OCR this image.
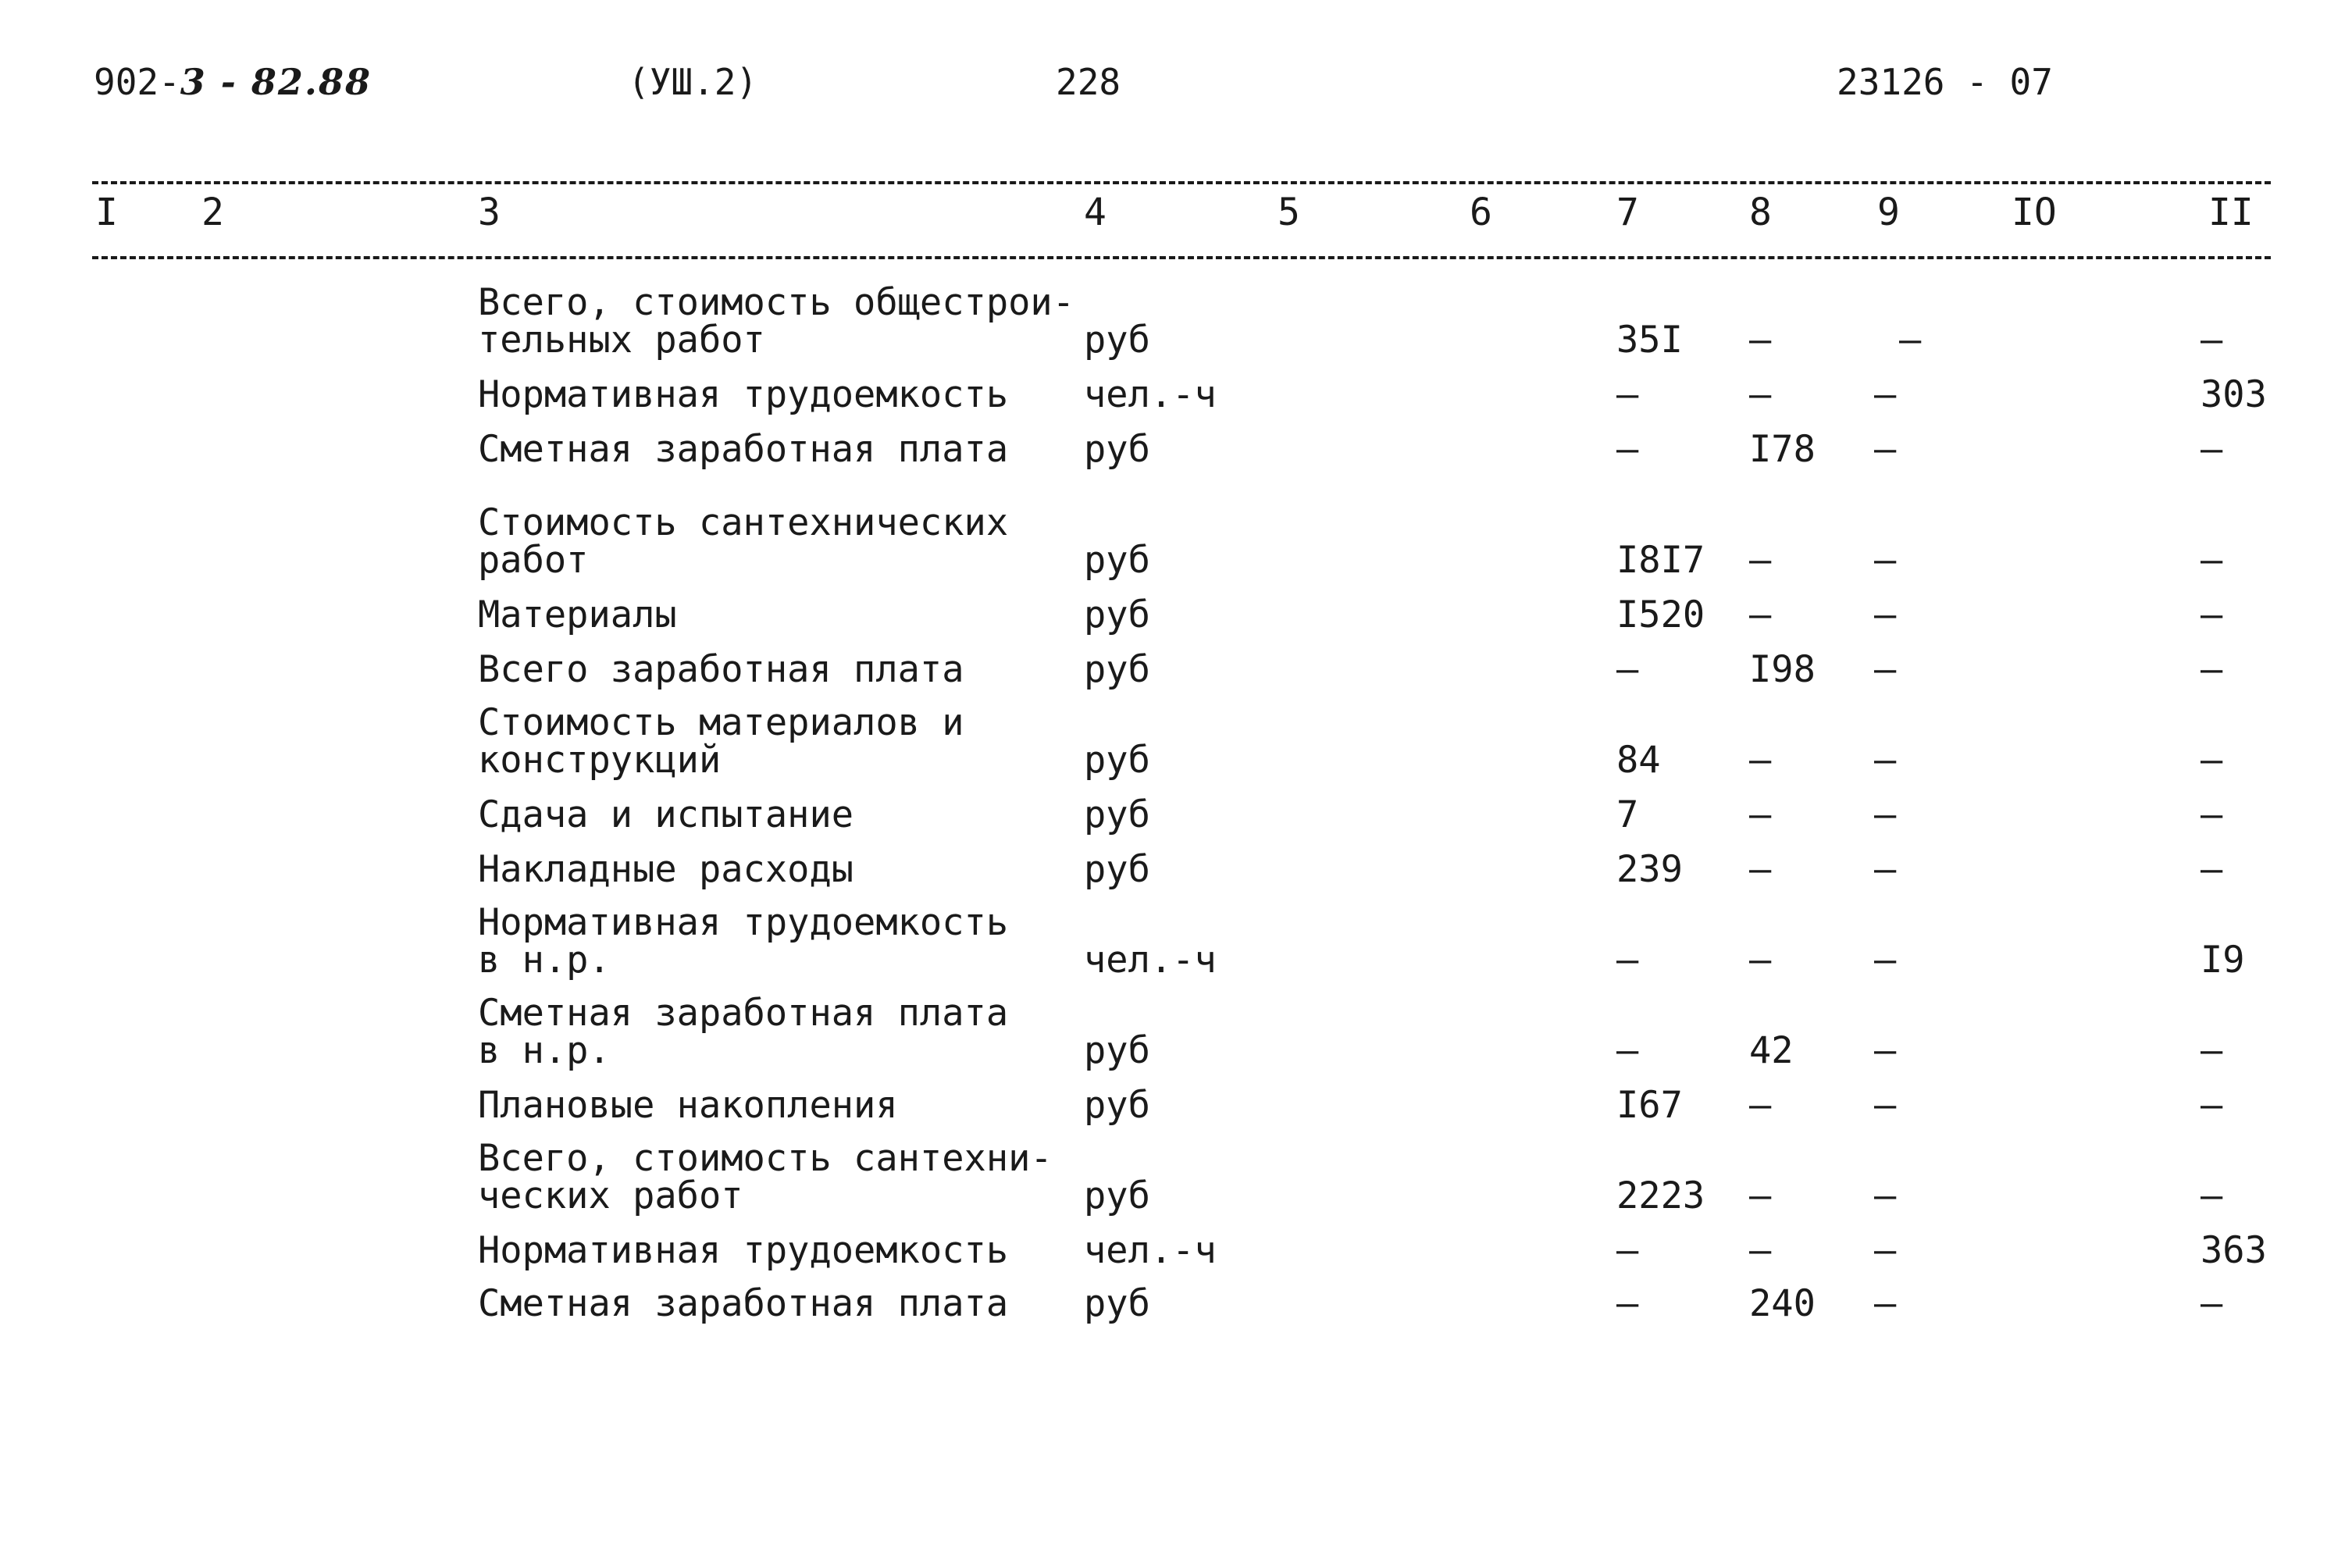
902-3 - 82.88	(УШ.2)	228	23126 - 07
I 2	3	4	5	6	7	8	9	IO	II
Всего, стоимость общестрои-
тельных работ	руб	35I –	–	–
Нормативная трудоемкость чел.-ч	–	–	–	303
Сметная заработная плата руб	–	I78 –	–
Стоимость сантехнических
работ	руб	I8I7 –	–	–
Материалы	руб	I520 –	–	–
Всего заработная плата	руб	–	I98 –	–
Стоимость материалов и
конструкций	руб	84 –	–	–
Сдача и испытание	руб	7	–	–	–
Накладные расходы	руб	239 –	–	–
Нормативная трудоемкость
в н.р.	чел.-ч	–	–	–	I9
Сметная заработная плата
в н.р.	руб	–	42 –	–
Плановые накопления	руб	I67 –	–	–
Всего, стоимость сантехни-
ческих работ	руб	2223 –	–	–
Нормативная трудоемкость чел.-ч	–	–	–	363
Сметная заработная плата руб	–	240 –	–
